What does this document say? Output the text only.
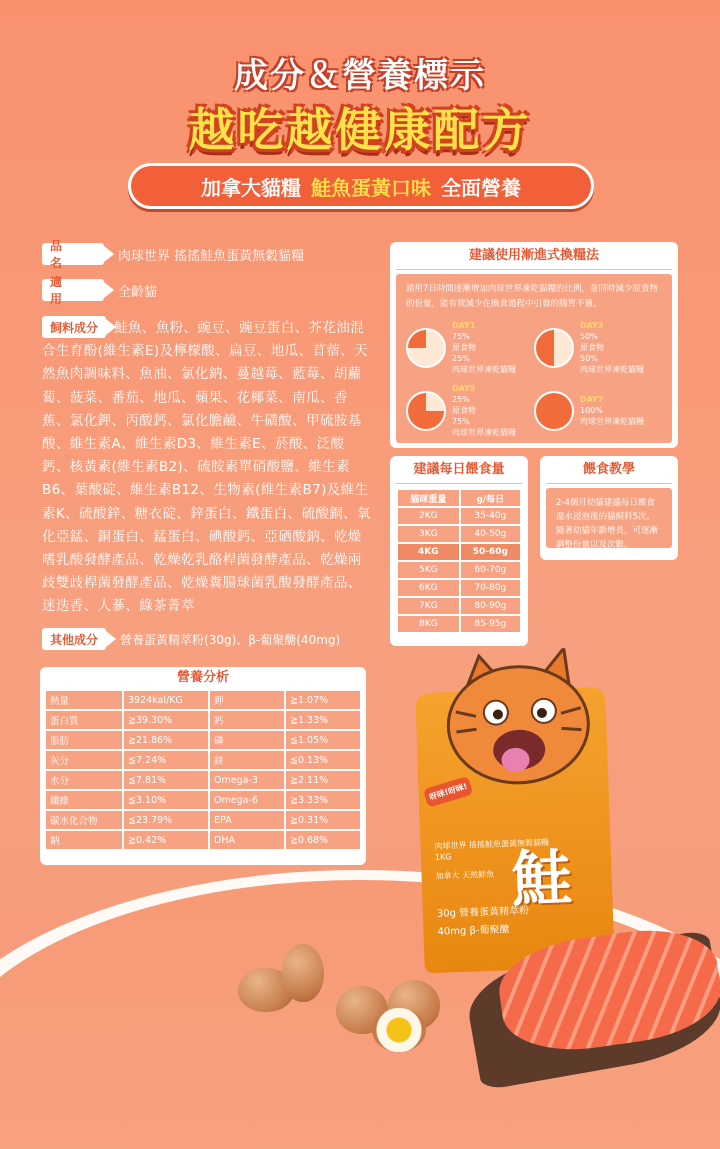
成分＆營養標示
越吃越健康配方
加拿大貓糧 鮭魚蛋黃口味 全面營養
品　名	肉球世界 搖搖鮭魚蛋黃無穀貓糧
適　用	全齡貓
飼料成分	鮭魚、魚粉、豌豆、豌豆蛋白、芥花油混合生育酚(維生素E)及檸檬酸、扁豆、地瓜、苜蓿、天然魚肉調味料、魚油、氯化鈉、蔓越莓、藍莓、胡蘿蔔、菠菜、番茄、地瓜、蘋果、花椰菜、南瓜、香蕉、氯化鉀、丙酸鈣、氯化膽鹼、牛磺酸、甲硫胺基酸、維生素A、維生素D3、維生素E、菸酸、泛酸鈣、核黃素(維生素B2)、硫胺素單硝酸鹽、維生素B6、葉酸碇、維生素B12、生物素(維生素B7)及維生素K、硫酸鋅、糖衣碇、鋅蛋白、鐵蛋白、硫酸銅、氧化亞錳、銅蛋白、錳蛋白、碘酸鈣、亞硒酸鈉、乾燥嗜乳酸發酵產品、乾燥乾乳酪桿菌發酵產品、乾燥兩歧雙歧桿菌發酵產品、乾燥糞腸球菌乳酸發酵產品、迷迭香、人蔘、綠茶菁萃
其他成分	營養蛋黃精萃粉(30g)、β-葡聚醣(40mg)
營養分析
熱量	3924kal/KG	鉀	≧1.07%
蛋白質	≧39.30%	鈣	≧1.33%
脂肪	≧21.86%	磷	≦1.05%
灰分	≦7.24%	鎂	≦0.13%
水分	≦7.81%	Omega-3	≧2.11%
纖維	≦3.10%	Omega-6	≧3.33%
碳水化合物	≦23.79%	EPA	≧0.31%
鈉	≧0.42%	DHA	≧0.68%
建議使用漸進式換糧法
請用7日時間逐漸增加肉球世界凍乾貓糧的比例，並同時減少原食物的份量，能有效減少在換食過程中引發的腸胃不適。
DAY1
75%
原食物
25%
肉球世界凍乾貓糧
DAY3
50%
原食物
50%
肉球世界凍乾貓糧
DAY5
25%
原食物
75%
肉球世界凍乾貓糧
DAY7
100%
肉球世界凍乾貓糧
建議每日餵食量
貓咪重量	g/每日
2KG	35-40g
3KG	40-50g
4KG	50-60g
5KG	60-70g
6KG	70-80g
7KG	80-90g
8KG	85-95g
餵食教學
2-4個月幼貓建議每日餵食溫水浸泡後的貓飼料5次。隨著幼貓年齡增長，可逐漸調整份量以及次數。
呀咪!呀咪!
肉球世界 搖搖鮭魚蛋黃無穀貓糧
1KG
加拿大 天然鮮魚 鮭
30g 營養蛋黃精萃粉
40mg β-葡聚醣
